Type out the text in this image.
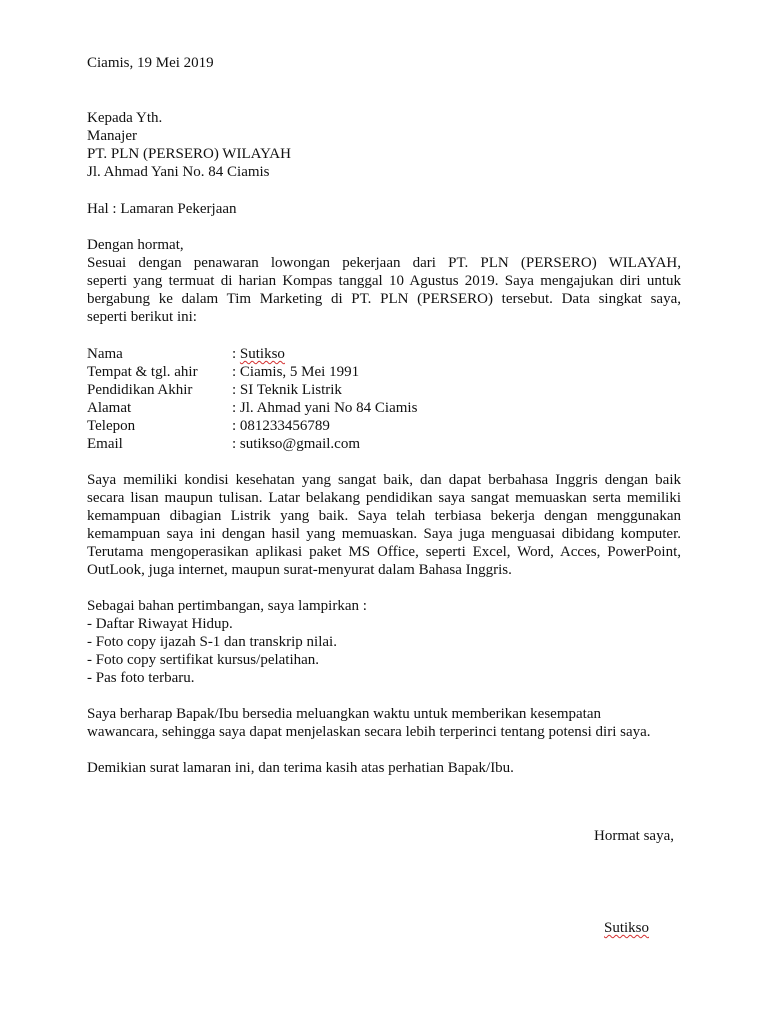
Ciamis, 19 Mei 2019
Kepada Yth.
Manajer
PT. PLN (PERSERO) WILAYAH
Jl. Ahmad Yani No. 84 Ciamis
Hal : Lamaran Pekerjaan
Dengan hormat,
Sesuai dengan penawaran lowongan pekerjaan dari PT. PLN (PERSERO) WILAYAH,
seperti yang termuat di harian Kompas tanggal 10 Agustus 2019. Saya mengajukan diri untuk
bergabung ke dalam Tim Marketing di PT. PLN (PERSERO) tersebut. Data singkat saya,
seperti berikut ini:
Nama	: Sutikso
Tempat & tgl. ahir : Ciamis, 5 Mei 1991
Pendidikan Akhir	: SI Teknik Listrik
Alamat	: Jl. Ahmad yani No 84 Ciamis
Telepon	: 081233456789
Email	: sutikso@gmail.com
Saya memiliki kondisi kesehatan yang sangat baik, dan dapat berbahasa Inggris dengan baik
secara lisan maupun tulisan. Latar belakang pendidikan saya sangat memuaskan serta memiliki
kemampuan dibagian Listrik yang baik. Saya telah terbiasa bekerja dengan menggunakan
kemampuan saya ini dengan hasil yang memuaskan. Saya juga menguasai dibidang komputer.
Terutama mengoperasikan aplikasi paket MS Office, seperti Excel, Word, Acces, PowerPoint,
OutLook, juga internet, maupun surat-menyurat dalam Bahasa Inggris.
Sebagai bahan pertimbangan, saya lampirkan :
- Daftar Riwayat Hidup.
- Foto copy ijazah S-1 dan transkrip nilai.
- Foto copy sertifikat kursus/pelatihan.
- Pas foto terbaru.
Saya berharap Bapak/Ibu bersedia meluangkan waktu untuk memberikan kesempatan
wawancara, sehingga saya dapat menjelaskan secara lebih terperinci tentang potensi diri saya.
Demikian surat lamaran ini, dan terima kasih atas perhatian Bapak/Ibu.
Hormat saya,
Sutikso
